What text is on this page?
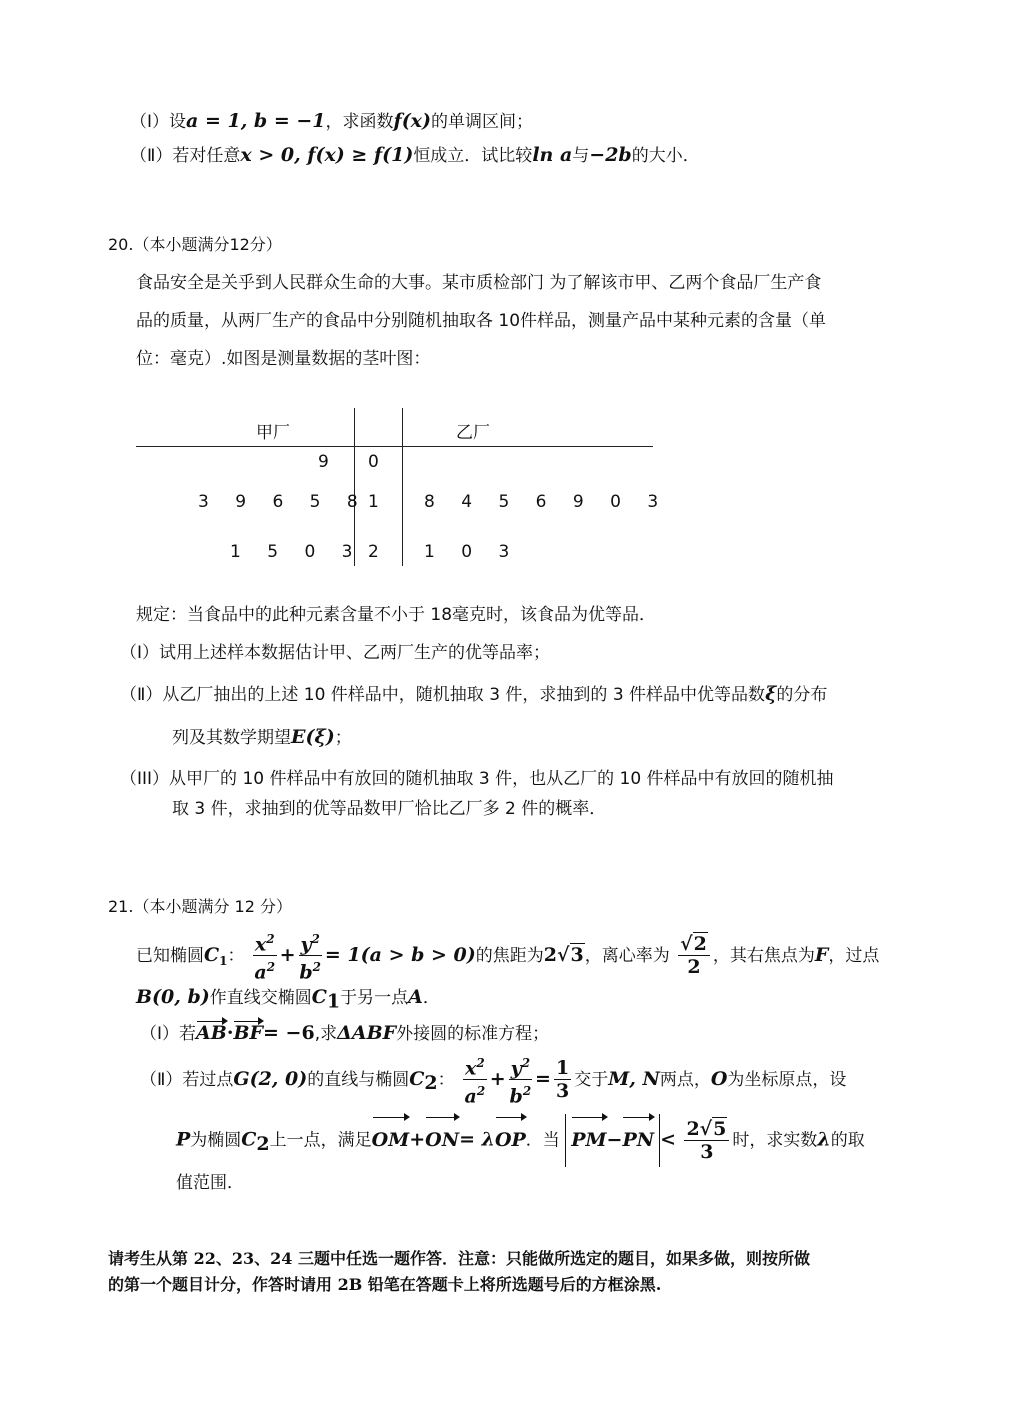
（Ⅰ）设a = 1, b = −1，求函数f(x)的单调区间；
（Ⅱ）若对任意x > 0, f(x) ≥ f(1)恒成立．试比较ln a与−2b的大小．
20.（本小题满分12分）
食品安全是关乎到人民群众生命的大事。某市质检部门 为了解该市甲、乙两个食品厂生产食
品的质量，从两厂生产的食品中分别随机抽取各 10件样品，测量产品中某种元素的含量（单
位：毫克）.如图是测量数据的茎叶图：
甲厂	乙厂
0
1
2
9
3 9 6 5 8
1 5 0 3
8 4 5 6 9 0 3
1 0 3
规定：当食品中的此种元素含量不小于 18毫克时，该食品为优等品．
（Ⅰ）试用上述样本数据估计甲、乙两厂生产的优等品率；
（Ⅱ）从乙厂抽出的上述 10 件样品中，随机抽取 3 件，求抽到的 3 件样品中优等品数ξ的分布
列及其数学期望E(ξ)；
（III）从甲厂的 10 件样品中有放回的随机抽取 3 件，也从乙厂的 10 件样品中有放回的随机抽
取 3 件，求抽到的优等品数甲厂恰比乙厂多 2 件的概率．
21.（本小题满分 12 分）
已知椭圆$C_1$： $\frac{x^2}{a^2} + \frac{y^2}{b^2} = 1(a > b > 0)$的焦距为2√3，离心率为 $\frac{√2}{2}$ ，其右焦点为F，过点
B(0, b)作直线交椭圆$C_1$于另一点A．
（Ⅰ）若AB·BF= −6,求ΔABF外接圆的标准方程；
（Ⅱ）若过点G(2, 0)的直线与椭圆$C_2$： $\frac{x^2}{a^2} + \frac{y^2}{b^2} = \frac{1}{3}$ 交于M, N两点，O为坐标原点，设
P为椭圆$C_2$上一点，满足OM+ON= λOP．当 $PM-PN < \frac{2√5}{3}$ 时，求实数λ的取
值范围．
请考生从第 22、23、24 三题中任选一题作答．注意：只能做所选定的题目，如果多做，则按所做
的第一个题目计分，作答时请用 2B 铅笔在答题卡上将所选题号后的方框涂黑.
